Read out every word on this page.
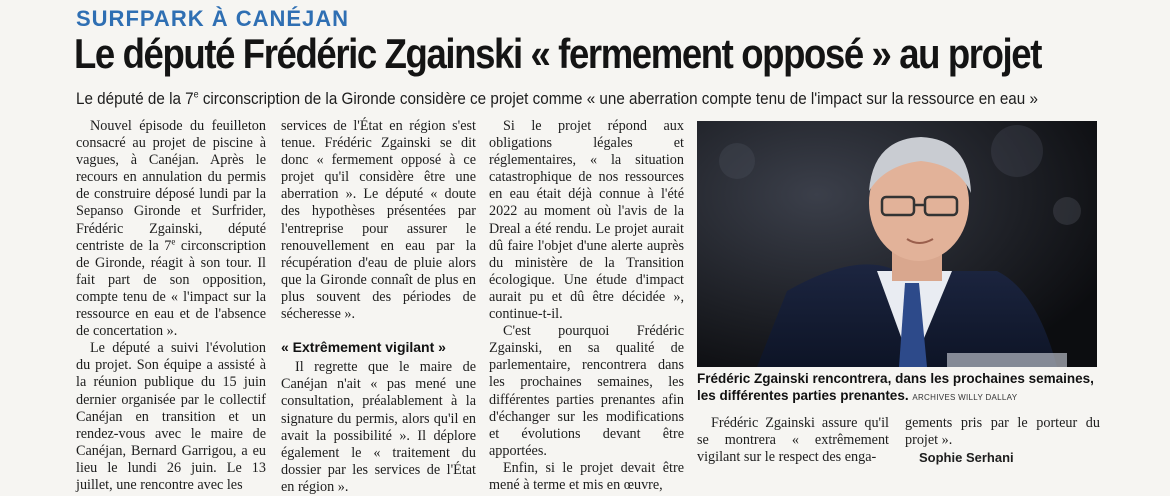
SURFPARK À CANÉJAN
Le député Frédéric Zgainski « fermement opposé » au projet
Le député de la 7e circonscription de la Gironde considère ce projet comme « une aberration compte tenu de l'impact sur la ressource en eau »

Nouvel épisode du feuilleton consacré au projet de piscine à vagues, à Canéjan. Après le recours en annulation du permis de construire déposé lundi par la Sepanso Gironde et Surfrider, Frédéric Zgainski, député centriste de la 7e circonscription de Gironde, réagit à son tour. Il fait part de son opposition, compte tenu de « l'impact sur la ressource en eau et de l'absence de concertation ».

Le député a suivi l'évolution du projet. Son équipe a assisté à la réunion publique du 15 juin dernier organisée par le collectif Canéjan en transition et un rendez-vous avec le maire de Canéjan, Bernard Garrigou, a eu lieu le lundi 26 juin. Le 13 juillet, une rencontre avec les

services de l'État en région s'est tenue. Frédéric Zgainski se dit donc « fermement opposé à ce projet qu'il considère être une aberration ». Le député « doute des hypothèses présentées par l'entreprise pour assurer le renouvellement en eau par la récupération d'eau de pluie alors que la Gironde connaît de plus en plus souvent des périodes de sécheresse ».

« Extrêmement vigilant »

Il regrette que le maire de Canéjan n'ait « pas mené une consultation, préalablement à la signature du permis, alors qu'il en avait la possibilité ». Il déplore également le « traitement du dossier par les services de l'État en région ».

Si le projet répond aux obligations légales et réglementaires, « la situation catastrophique de nos ressources en eau était déjà connue à l'été 2022 au moment où l'avis de la Dreal a été rendu. Le projet aurait dû faire l'objet d'une alerte auprès du ministère de la Transition écologique. Une étude d'impact aurait pu et dû être décidée », continue-t-il.

C'est pourquoi Frédéric Zgainski, en sa qualité de parlementaire, rencontrera dans les prochaines semaines, les différentes parties prenantes afin d'échanger sur les modifications et évolutions devant être apportées.

Enfin, si le projet devait être mené à terme et mis en œuvre,

Frédéric Zgainski rencontrera, dans les prochaines semaines, les différentes parties prenantes. ARCHIVES WILLY DALLAY

Frédéric Zgainski assure qu'il se montrera « extrêmement vigilant sur le respect des enga-

gements pris par le porteur du projet ».

Sophie Serhani
